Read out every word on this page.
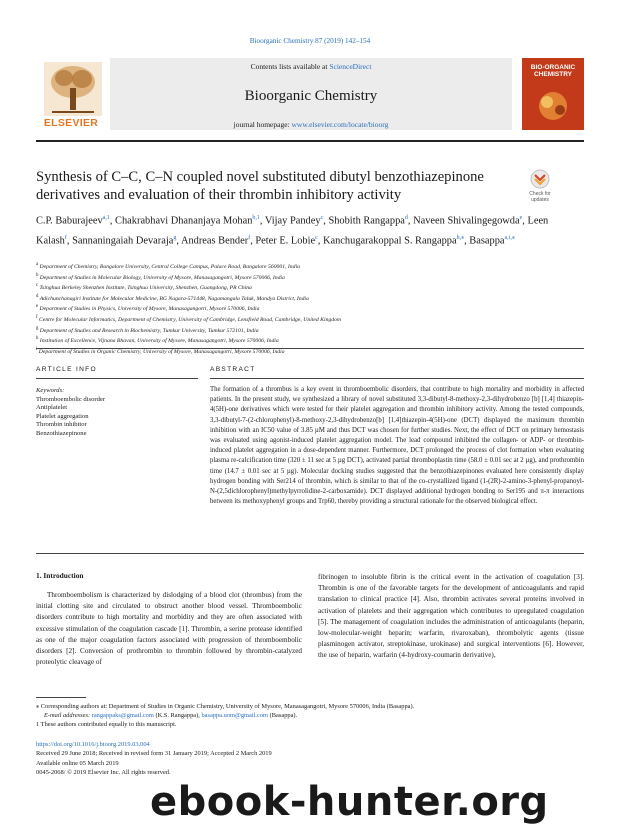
Bioorganic Chemistry 87 (2019) 142–154
ELSEVIER
Contents lists available at ScienceDirect
Bioorganic Chemistry
journal homepage: www.elsevier.com/locate/bioorg
BIO-ORGANIC
CHEMISTRY
Synthesis of C–C, C–N coupled novel substituted dibutyl benzothiazepinone
derivatives and evaluation of their thrombin inhibitory activity	Check for
updates
C.P. Baburajeev$^{a,1}$, Chakrabhavi Dhananjaya Mohan$^{b,1}$, Vijay Pandey$^c$, Shobith Rangappa$^d$, Naveen Shivalingegowda$^e$, Leen Kalash$^f$, Sannaningaiah Devaraja$^g$, Andreas Bender$^f$, Peter E. Lobie$^c$, Kanchugarakoppal S. Rangappa$^{h,⁎}$, Basappa$^{a,i,⁎}$
$^a$ Department of Chemistry, Bangalore University, Central College Campus, Palace Road, Bangalore 560001, India
$^b$ Department of Studies in Molecular Biology, University of Mysore, Manasagangotri, Mysore 570006, India
$^c$ Tsinghua Berkeley Shenzhen Institute, Tsinghua University, Shenzhen, Guangdong, PR China
$^d$ Adichunchanagiri Institute for Molecular Medicine, BG Nagara-571448, Nagamangala Taluk, Mandya District, India
$^e$ Department of Studies in Physics, University of Mysore, Manasagangotri, Mysore 570006, India
$^f$ Centre for Molecular Informatics, Department of Chemistry, University of Cambridge, Lensfield Road, Cambridge, United Kingdom
$^g$ Department of Studies and Research in Biochemistry, Tumkur University, Tumkur 572101, India
$^h$ Institution of Excellence, Vijnana Bhavan, University of Mysore, Manasagangotri, Mysore 570006, India
$^i$ Department of Studies in Organic Chemistry, University of Mysore, Manasagangotri, Mysore 570006, India
ARTICLE INFO	ABSTRACT
Keywords:
Thromboembolic disorder
Antiplatelet
Platelet aggregation
Thrombin inhibitor
Benzothiazepinone
The formation of a thrombus is a key event in thromboembolic disorders, that contribute to high mortality and morbidity in affected patients. In the present study, we synthesized a library of novel substituted 3,3-dibutyl-8-methoxy-2,3-dihydrobenzo [b] [1,4] thiazepin-4(5H)-one derivatives which were tested for their platelet aggregation and thrombin inhibitory activity. Among the tested compounds, 3,3-dibutyl-7-(2-chlorophenyl)-8-methoxy-2,3-dihydrobenzo[b] [1,4]thiazepin-4(5H)-one (DCT) displayed the maximum thrombin inhibition with an IC50 value of 3.85 µM and thus DCT was chosen for further studies. Next, the effect of DCT on primary hemostasis was evaluated using agonist-induced platelet aggregation model. The lead compound inhibited the collagen- or ADP- or thrombin-induced platelet aggregation in a dose-dependent manner. Furthermore, DCT prolonged the process of clot formation when evaluating plasma re-calcification time (320 ± 11 sec at 5 µg DCT), activated partial thromboplastin time (58.0 ± 0.01 sec at 2 µg), and prothrombin time (14.7 ± 0.01 sec at 5 µg). Molecular docking studies suggested that the benzothiazepinones evaluated here consistently display hydrogen bonding with Ser214 of thrombin, which is similar to that of the co-crystallized ligand (1-(2R)-2-amino-3-phenyl-propanoyl-N-(2,5dichlorophenyl)methylpyrrolidine-2-carboxamide). DCT displayed additional hydrogen bonding to Ser195 and π-π interactions between its methoxyphenyl groups and Trp60, thereby providing a structural rationale for the observed biological effect.
1. Introduction
Thromboembolism is characterized by dislodging of a blood clot (thrombus) from the initial clotting site and circulated to obstruct another blood vessel. Thromboembolic disorders contribute to high mortality and morbidity and they are often associated with excessive stimulation of the coagulation cascade [1]. Thrombin, a serine protease identified as one of the major coagulation factors associated with progression of thromboembolic disorders [2]. Conversion of prothrombin to thrombin followed by thrombin-catalyzed proteolytic cleavage of
fibrinogen to insoluble fibrin is the critical event in the activation of coagulation [3]. Thrombin is one of the favorable targets for the development of anticoagulants and rapid translation to clinical practice [4]. Also, thrombin activates several proteins involved in activation of platelets and their aggregation which contributes to upregulated coagulation [5]. The management of coagulation includes the administration of anticoagulants (heparin, low-molecular-weight heparin; warfarin, rivaroxaban), thrombolytic agents (tissue plasminogen activator, streptokinase, urokinase) and surgical interventions [6]. However, the use of heparin, warfarin (4-hydroxy-coumarin derivative),
⁎ Corresponding authors at: Department of Studies in Organic Chemistry, University of Mysore, Manasagangotri, Mysore 570006, India (Basappa).
E-mail addresses: rangappaks@gmail.com (K.S. Rangappa), basappa.uom@gmail.com (Basappa).
1 These authors contributed equally to this manuscript.
https://doi.org/10.1016/j.bioorg.2019.03.004
Received 29 June 2018; Received in revised form 31 January 2019; Accepted 2 March 2019
Available online 05 March 2019
0045-2068/ © 2019 Elsevier Inc. All rights reserved.
ebook-hunter.org
